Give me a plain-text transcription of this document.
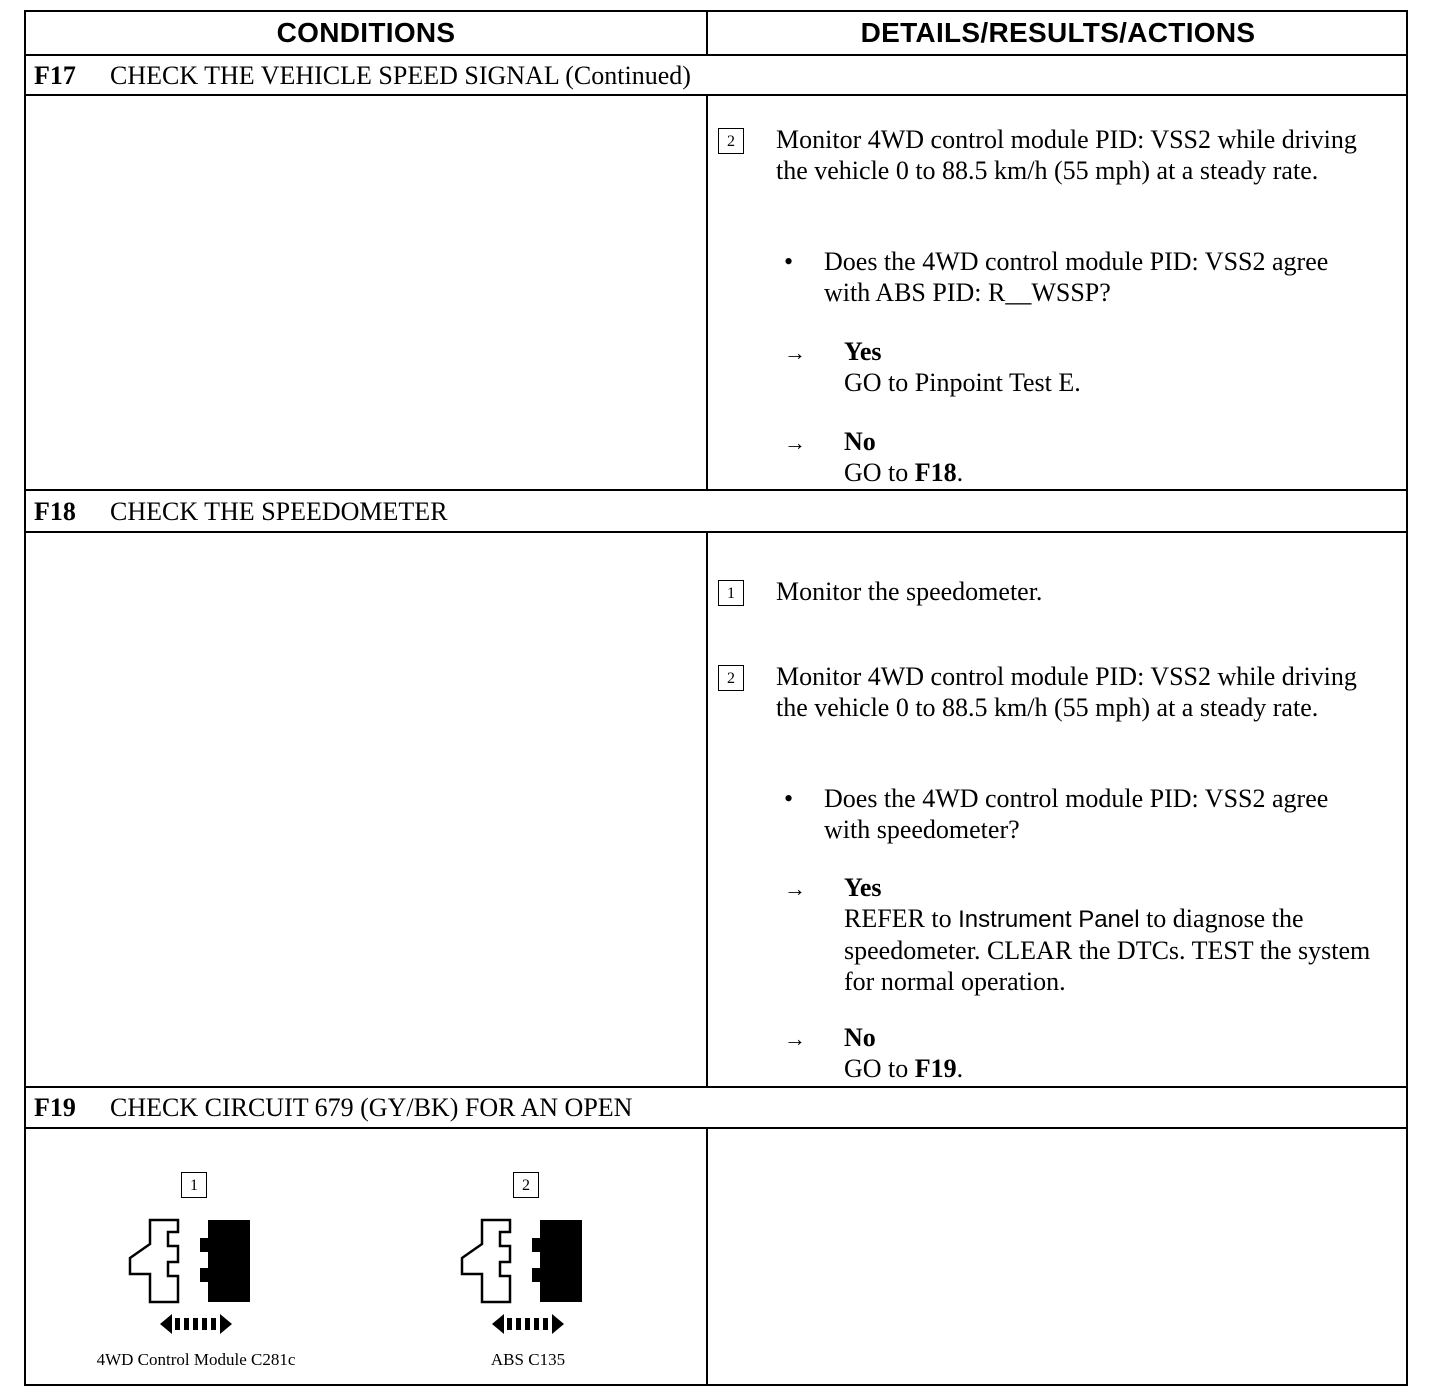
CONDITIONS	DETAILS/RESULTS/ACTIONS
F17 CHECK THE VEHICLE SPEED SIGNAL (Continued)
2	Monitor 4WD control module PID: VSS2 while driving the vehicle 0 to 88.5 km/h (55 mph) at a steady rate.
• Does the 4WD control module PID: VSS2 agree with ABS PID: R__WSSP?
→ Yes
GO to Pinpoint Test E.
→ No
GO to F18.
F18 CHECK THE SPEEDOMETER
1	Monitor the speedometer.
2	Monitor 4WD control module PID: VSS2 while driving the vehicle 0 to 88.5 km/h (55 mph) at a steady rate.
• Does the 4WD control module PID: VSS2 agree with speedometer?
→ Yes
REFER to Instrument Panel to diagnose the speedometer. CLEAR the DTCs. TEST the system for normal operation.
→ No
GO to F19.
F19 CHECK CIRCUIT 679 (GY/BK) FOR AN OPEN
1
4WD Control Module C281c
2
ABS C135
